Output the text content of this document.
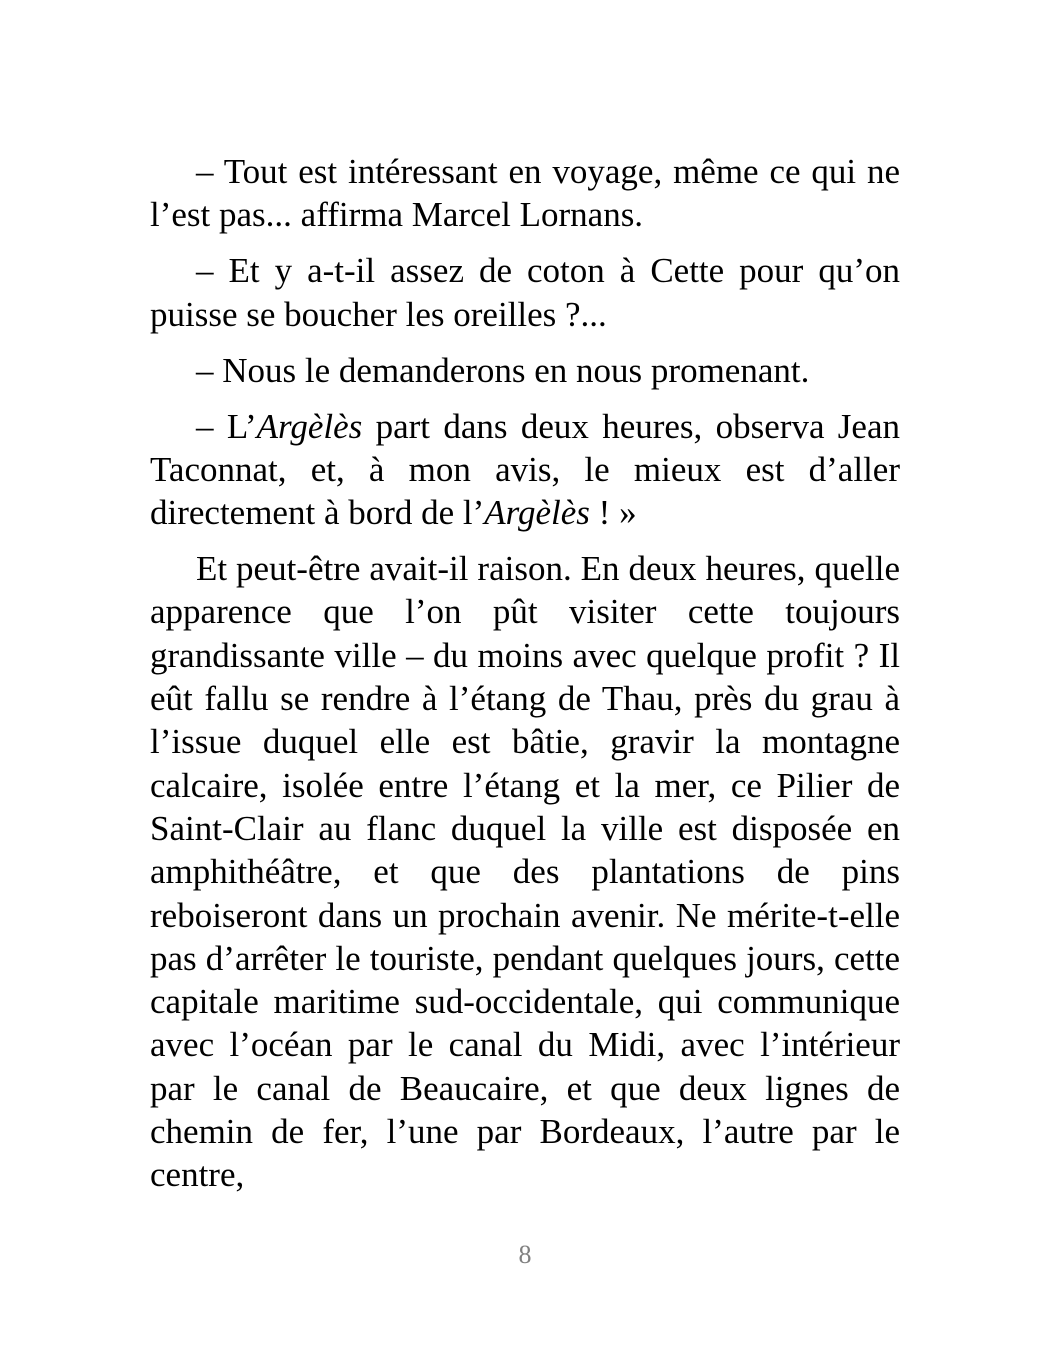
– Tout est intéressant en voyage, même ce qui ne l’est pas... affirma Marcel Lornans.

– Et y a-t-il assez de coton à Cette pour qu’on puisse se boucher les oreilles ?...

– Nous le demanderons en nous promenant.

– L’Argèlès part dans deux heures, observa Jean Taconnat, et, à mon avis, le mieux est d’aller directement à bord de l’Argèlès ! »

Et peut-être avait-il raison. En deux heures, quelle apparence que l’on pût visiter cette toujours grandissante ville – du moins avec quelque profit ? Il eût fallu se rendre à l’étang de Thau, près du grau à l’issue duquel elle est bâtie, gravir la montagne calcaire, isolée entre l’étang et la mer, ce Pilier de Saint-Clair au flanc duquel la ville est disposée en amphithéâtre, et que des plantations de pins reboiseront dans un prochain avenir. Ne mérite-t-elle pas d’arrêter le touriste, pendant quelques jours, cette capitale maritime sud-occidentale, qui communique avec l’océan par le canal du Midi, avec l’intérieur par le canal de Beaucaire, et que deux lignes de chemin de fer, l’une par Bordeaux, l’autre par le centre,

8
